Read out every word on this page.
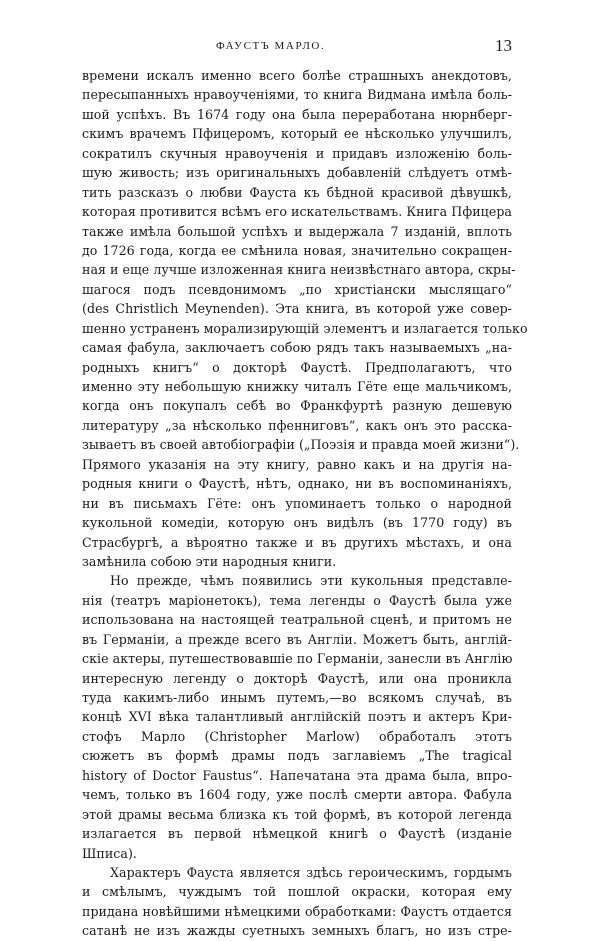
ФАУСТЪ МАРЛО.	13
времени искалъ именно всего болѣе страшныхъ анекдотовъ,
пересыпанныхъ нравоученiями, то книга Видмана имѣла боль-
шой успѣхъ. Въ 1674 году она была переработана нюрнберг-
скимъ врачемъ Пфицеромъ, который ее нѣсколько улучшилъ,
сократилъ скучныя нравоученiя и придавъ изложенiю боль-
шую живость; изъ оригинальныхъ добавленiй слѣдуетъ отмѣ-
тить разсказъ о любви Фауста къ бѣдной красивой дѣвушкѣ,
которая противится всѣмъ его искательствамъ. Книга Пфицера
также имѣла большой успѣхъ и выдержала 7 изданiй, вплоть
до 1726 года, когда ее смѣнила новая, значительно сокращен-
ная и еще лучше изложенная книга неизвѣстнаго автора, скры-
шагося подъ псевдонимомъ „по христiански мыслящаго“
(des Christlich Meynenden). Эта книга, въ которой уже совер-
шенно устраненъ морализирующiй элементъ и излагается только
самая фабула, заключаетъ собою рядъ такъ называемыхъ „на-
родныхъ книгъ“ о докторѣ Фаустѣ. Предполагаютъ, что
именно эту небольшую книжку читалъ Гёте еще мальчикомъ,
когда онъ покупалъ себѣ во Франкфуртѣ разную дешевую
литературу „за нѣсколько пфенниговъ“, какъ онъ это расска-
зываетъ въ своей автобiографiи („Поэзiя и правда моей жизни“).
Прямого указанiя на эту книгу, равно какъ и на другiя на-
родныя книги о Фаустѣ, нѣтъ, однако, ни въ воспоминанiяхъ,
ни въ письмахъ Гёте: онъ упоминаетъ только о народной
кукольной комедiи, которую онъ видѣлъ (въ 1770 году) въ
Страсбургѣ, а вѣроятно также и въ другихъ мѣстахъ, и она
замѣнила собою эти народныя книги.
Но прежде, чѣмъ появились эти кукольныя представле-
нiя (театръ марiонетокъ), тема легенды о Фаустѣ была уже
использована на настоящей театральной сценѣ, и притомъ не
въ Германiи, а прежде всего въ Англiи. Можетъ быть, англiй-
скiе актеры, путешествовавшiе по Германiи, занесли въ Англiю
интересную легенду о докторѣ Фаустѣ, или она проникла
туда какимъ-либо инымъ путемъ,—во всякомъ случаѣ, въ
концѣ XVI вѣка талантливый англiйскiй поэтъ и актеръ Кри-
стофъ Марло (Christopher Marlow) обработалъ этотъ
сюжетъ въ формѣ драмы подъ заглавiемъ „The tragical
history of Doctor Faustus“. Напечатана эта драма была, впро-
чемъ, только въ 1604 году, уже послѣ смерти автора. Фабула
этой драмы весьма близка къ той формѣ, въ которой легенда
излагается въ первой нѣмецкой книгѣ о Фаустѣ (изданiе
Шписа).
Характеръ Фауста является здѣсь героическимъ, гордымъ
и смѣлымъ, чуждымъ той пошлой окраски, которая ему
придана новѣйшими нѣмецкими обработками: Фаустъ отдается
сатанѣ не изъ жажды суетныхъ земныхъ благъ, но изъ стре-
